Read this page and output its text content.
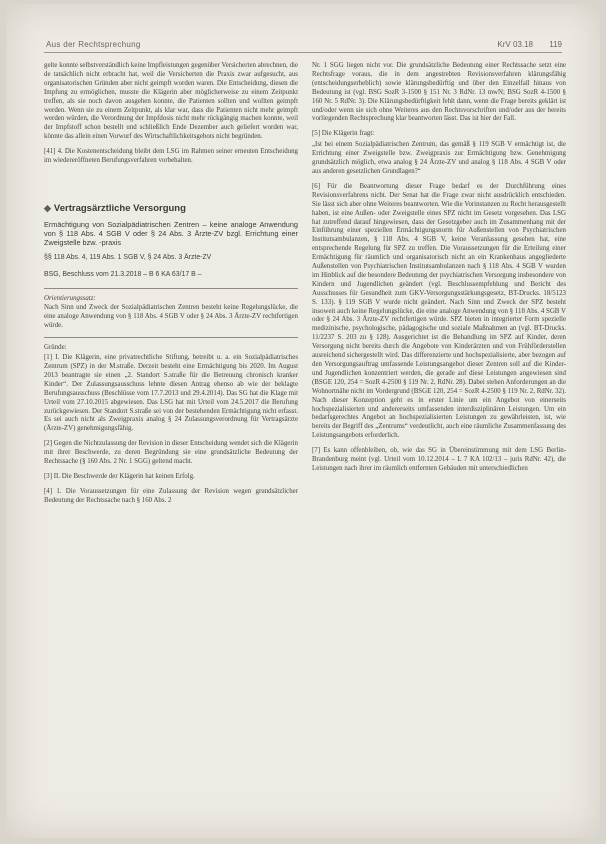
Aus der Rechtsprechung	KrV 03.18 119

gelte konnte selbstverständlich keine Impfleistungen gegenüber Versicherten abrechnen, die de tatsächlich nicht erbracht hat, weil die Versicherten die Praxis zwar aufgesucht, aus organisatorischen Gründen aber nicht geimpft worden waren. Die Entscheidung, diesen die Impfung zu ermöglichen, musste die Klägerin aber möglicherweise zu einem Zeitpunkt treffen, als sie noch davon ausgehen konnte, die Patienten sollten und wollten geimpft werden. Wenn sie zu einem Zeitpunkt, als klar war, dass die Patienten nicht mehr geimpft werden würden, die Verordnung der Impfdosis nicht mehr rückgängig machen konnte, weil der Impfstoff schon bestellt und schließlich Ende Dezember auch geliefert worden war, könnte das allein einen Vorwurf des Wirtschaftlichkeitsgebots nicht begründen.

[41] 4. Die Kostenentscheidung bleibt dem LSG im Rahmen seiner erneuten Entscheidung im wiedereröffneten Berufungsverfahren vorbehalten.

◆ Vertragsärztliche Versorgung
Ermächtigung von Sozialpädiatrischen Zentren – keine analoge Anwendung von § 118 Abs. 4 SGB V oder § 24 Abs. 3 Ärzte-ZV bzgl. Errichtung einer Zweigstelle bzw. -praxis
§§ 118 Abs. 4, 119 Abs. 1 SGB V, § 24 Abs. 3 Ärzte-ZV
BSG, Beschluss vom 21.3.2018 – B 6 KA 63/17 B –
Orientierungssatz:

Nach Sinn und Zweck der Sozialpädiatrischen Zentren besteht keine Regelungslücke, die eine analoge Anwendung von § 118 Abs. 4 SGB V oder § 24 Abs. 3 Ärzte-ZV rechtfertigen würde.

Gründe:

[1] I. Die Klägerin, eine privatrechtliche Stiftung, betreibt u. a. ein Sozialpädiatrisches Zentrum (SPZ) in der M.straße. Derzeit besteht eine Ermächtigung bis 2020. Im August 2013 beantragte sie einen „2. Standort S.straße für die Betreuung chronisch kranker Kinder“. Der Zulassungsausschuss lehnte diesen Antrag ebenso ab wie der beklagte Berufungsausschuss (Beschlüsse vom 17.7.2013 und 29.4.2014). Das SG hat die Klage mit Urteil vom 27.10.2015 abgewiesen. Das LSG hat mit Urteil vom 24.5.2017 die Berufung zurückgewiesen. Der Standort S.straße sei von der bestehenden Ermächtigung nicht erfasst. Es sei auch nicht als Zweigpraxis analog § 24 Zulassungsverordnung für Vertragsärzte (Ärzte-ZV) genehmigungsfähig.

[2] Gegen die Nichtzulassung der Revision in dieser Entscheidung wendet sich die Klägerin mit ihrer Beschwerde, zu deren Begründung sie eine grundsätzliche Bedeutung der Rechtssache (§ 160 Abs. 2 Nr. 1 SGG) geltend macht.

[3] II. Die Beschwerde der Klägerin hat keinen Erfolg.

[4] 1. Die Voraussetzungen für eine Zulassung der Revision wegen grundsätzlicher Bedeutung der Rechtssache nach § 160 Abs. 2

Nr. 1 SGG liegen nicht vor. Die grundsätzliche Bedeutung einer Rechtssache setzt eine Rechtsfrage voraus, die in dem angestrebten Revisionsverfahren klärungsfähig (entscheidungserheblich) sowie klärungsbedürftig und über den Einzelfall hinaus von Bedeutung ist (vgl. BSG SozR 3-1500 § 151 Nr. 3 RdNr. 13 mwN; BSG SozR 4-1500 § 160 Nr. 5 RdNr. 3). Die Klärungsbedürftigkeit fehlt dann, wenn die Frage bereits geklärt ist und/oder wenn sie sich ohne Weiteres aus den Rechtsvorschriften und/oder aus der bereits vorliegenden Rechtsprechung klar beantworten lässt. Das ist hier der Fall.

[5] Die Klägerin fragt:

„Ist bei einem Sozialpädiatrischen Zentrum, das gemäß § 119 SGB V ermächtigt ist, die Errichtung einer Zweigstelle bzw. Zweigpraxis zur Ermächtigung bzw. Genehmigung grundsätzlich möglich, etwa analog § 24 Ärzte-ZV und analog § 118 Abs. 4 SGB V oder aus anderen gesetzlichen Grundlagen?“

[6] Für die Beantwortung dieser Frage bedarf es der Durchführung eines Revisionsverfahrens nicht. Der Senat hat die Frage zwar nicht ausdrücklich entschieden. Sie lässt sich aber ohne Weiteres beantworten. Wie die Vorinstanzen zu Recht herausgestellt haben, ist eine Außen- oder Zweigstelle eines SPZ nicht im Gesetz vorgesehen. Das LSG hat zutreffend darauf hingewiesen, dass der Gesetzgeber auch im Zusammenhang mit der Einführung einer speziellen Ermächtigungsnorm für Außenstellen von Psychiatrischen Institutsambulanzen, § 118 Abs. 4 SGB V, keine Veranlassung gesehen hat, eine entsprechende Regelung für SPZ zu treffen. Die Voraussetzungen für die Erteilung einer Ermächtigung für räumlich und organisatorisch nicht an ein Krankenhaus angegliederte Außenstellen von Psychiatrischen Institutsambulanzen nach § 118 Abs. 4 SGB V wurden im Hinblick auf die besondere Bedeutung der psychiatrischen Versorgung insbesondere von Kindern und Jugendlichen geändert (vgl. Beschlussempfehlung und Bericht des Ausschusses für Gesundheit zum GKV-Versorgungsstärkungsgesetz, BT-Drucks. 18/5123 S. 133). § 119 SGB V wurde nicht geändert. Nach Sinn und Zweck der SPZ besteht insoweit auch keine Regelungslücke, die eine analoge Anwendung von § 118 Abs. 4 SGB V oder § 24 Abs. 3 Ärzte-ZV rechtfertigen würde. SPZ bieten in integrierter Form spezielle medizinische, psychologische, pädagogische und soziale Maßnahmen an (vgl. BT-Drucks. 11/2237 S. 203 zu § 128). Ausgerichtet ist die Behandlung im SPZ auf Kinder, deren Versorgung nicht bereits durch die Angebote von Kinderärzten und von Frühförderstellen ausreichend sichergestellt wird. Das differenzierte und hochspezialisierte, aber bezogen auf den Versorgungsauftrag umfassende Leistungsangebot dieser Zentren soll auf die Kinder- und Jugendlichen konzentriert werden, die gerade auf diese Leistungen angewiesen sind (BSGE 120, 254 = SozR 4-2500 § 119 Nr. 2, RdNr. 28). Dabei stehen Anforderungen an die Wohnortnähe nicht im Vordergrund (BSGE 120, 254 = SozR 4-2500 § 119 Nr. 2, RdNr. 32). Nach dieser Konzeption geht es in erster Linie um ein Angebot von einerseits hochspezialisierten und andererseits umfassenden interdisziplinären Leistungen. Um ein bedarfsgerechtes Angebot an hochspezialisierten Leistungen zu gewährleisten, ist, wie bereits der Begriff des „Zentrums“ verdeutlicht, auch eine räumliche Zusammenfassung des Leistungsangebots erforderlich.

[7] Es kann offenbleiben, ob, wie das SG in Übereinstimmung mit dem LSG Berlin-Brandenburg meint (vgl. Urteil vom 10.12.2014 – L 7 KA 102/13 – juris RdNr. 42), die Leistungen nach ihrer im räumlich entfernten Gebäuden mit unterschiedlichen
